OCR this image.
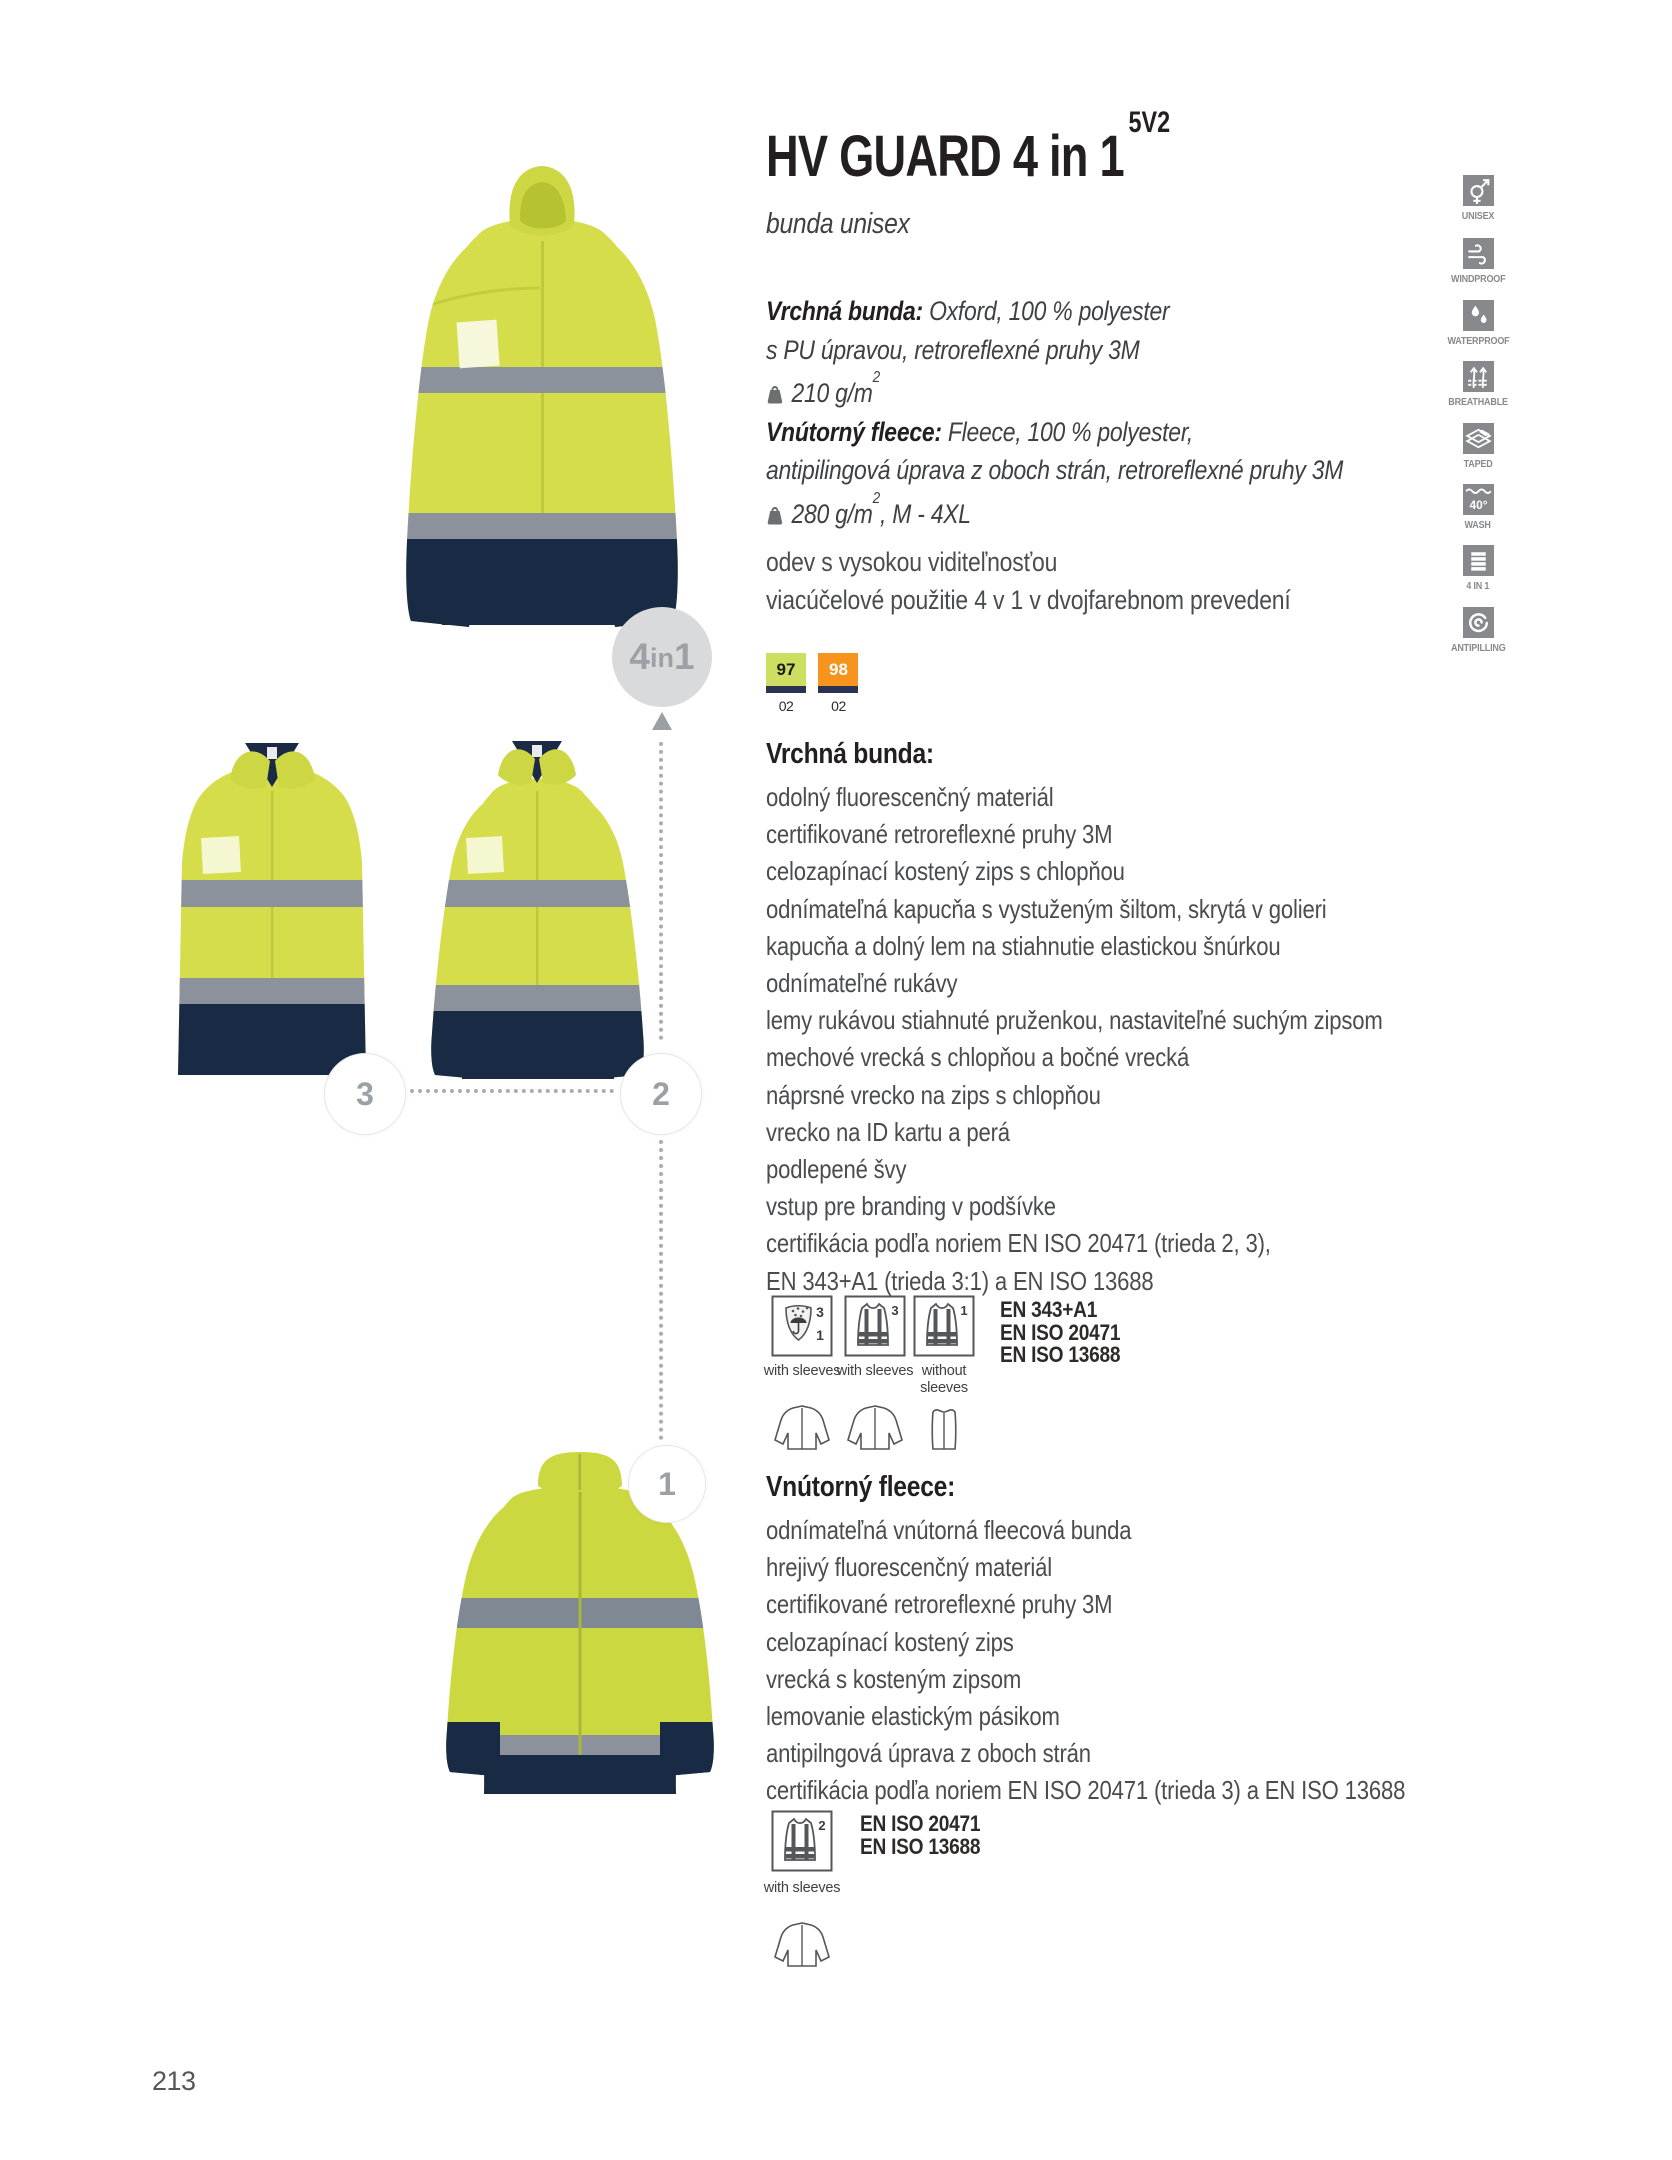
4 in 1
3	2
1
HV GUARD 4 in $1^{5V2}$
bunda unisex
Vrchná bunda: Oxford, 100 % polyester
s PU úpravou, retroreflexné pruhy 3M
210 $g/m^2$
Vnútorný fleece: Fleece, 100 % polyester,
antipilingová úprava z oboch strán, retroreflexné pruhy 3M
280 $g/m^2$, M - 4XL
odev s vysokou viditeľnosťou
viacúčelové použitie 4 v 1 v dvojfarebnom prevedení
97
02

98
02
Vrchná bunda:
odolný fluorescenčný materiál
certifikované retroreflexné pruhy 3M
celozapínací kostený zips s chlopňou
odnímateľná kapucňa s vystuženým šiltom, skrytá v golieri
kapucňa a dolný lem na stiahnutie elastickou šnúrkou
odnímateľné rukávy
lemy rukávou stiahnuté pruženkou, nastaviteľné suchým zipsom
mechové vrecká s chlopňou a bočné vrecká
náprsné vrecko na zips s chlopňou
vrecko na ID kartu a perá
podlepené švy
vstup pre branding v podšívke
certifikácia podľa noriem EN ISO 20471 (trieda 2, 3),
EN 343+A1 (trieda 3:1) a EN ISO 13688
3
1
3	1
with sleeves
with sleeves without sleeves
EN 343+A1
EN ISO 20471
EN ISO 13688
Vnútorný fleece:
odnímateľná vnútorná fleecová bunda
hrejivý fluorescenčný materiál
certifikované retroreflexné pruhy 3M
celozapínací kostený zips
vrecká s kosteným zipsom
lemovanie elastickým pásikom
antipilngová úprava z oboch strán
certifikácia podľa noriem EN ISO 20471 (trieda 3) a EN ISO 13688
2
with sleeves
EN ISO 20471
EN ISO 13688
UNISEX
WINDPROOF
WATERPROOF
BREATHABLE
TAPED
40°
WASH
4 IN 1
ANTIPILLING
213
